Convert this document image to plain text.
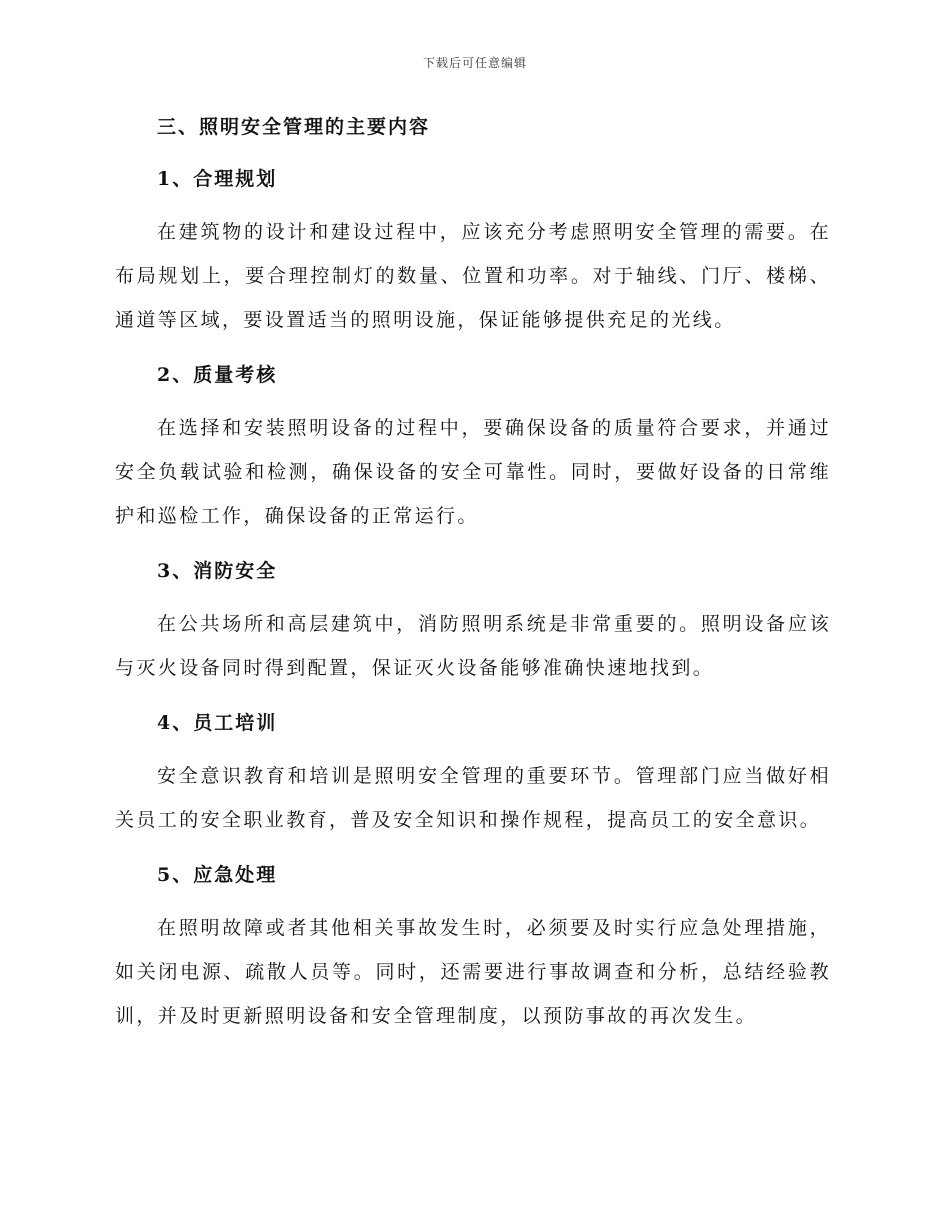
下载后可任意编辑
三、照明安全管理的主要内容
1、合理规划

在建筑物的设计和建设过程中，应该充分考虑照明安全管理的需要。在布局规划上，要合理控制灯的数量、位置和功率。对于轴线、门厅、楼梯、通道等区域，要设置适当的照明设施，保证能够提供充足的光线。

2、质量考核

在选择和安装照明设备的过程中，要确保设备的质量符合要求，并通过安全负载试验和检测，确保设备的安全可靠性。同时，要做好设备的日常维护和巡检工作，确保设备的正常运行。

3、消防安全

在公共场所和高层建筑中，消防照明系统是非常重要的。照明设备应该与灭火设备同时得到配置，保证灭火设备能够准确快速地找到。

4、员工培训

安全意识教育和培训是照明安全管理的重要环节。管理部门应当做好相关员工的安全职业教育，普及安全知识和操作规程，提高员工的安全意识。

5、应急处理

在照明故障或者其他相关事故发生时，必须要及时实行应急处理措施，如关闭电源、疏散人员等。同时，还需要进行事故调查和分析，总结经验教训，并及时更新照明设备和安全管理制度，以预防事故的再次发生。
